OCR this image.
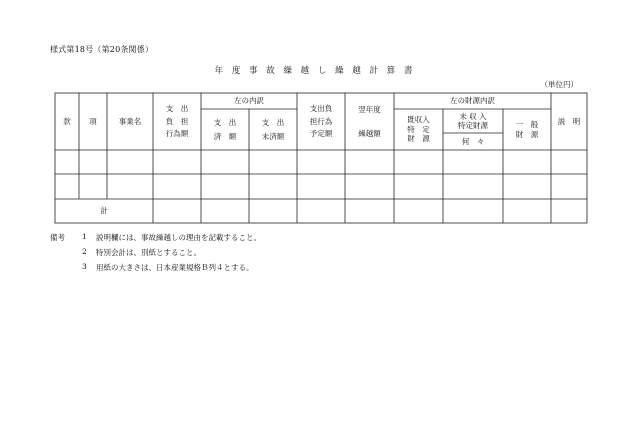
様式第18号（第20条関係）
年 度 事 故 繰 越 し 繰 越 計 算 書
（単位円）
款	項	事業名
支　出
負　担
行為額
左の内訳
支　出
済　額
支　出
未済額
支出負
担行為
予定額
翌年度
繰越額
左の財源内訳
既収入
特　定
財　源
未 収 入
特定財源
何　々
一　般
財　源
説　明
計
備考 1 説明欄には、事故繰越しの理由を記載すること。
2 特別会計は、別紙とすること。
3 用紙の大きさは、日本産業規格Ｂ列４とする。
